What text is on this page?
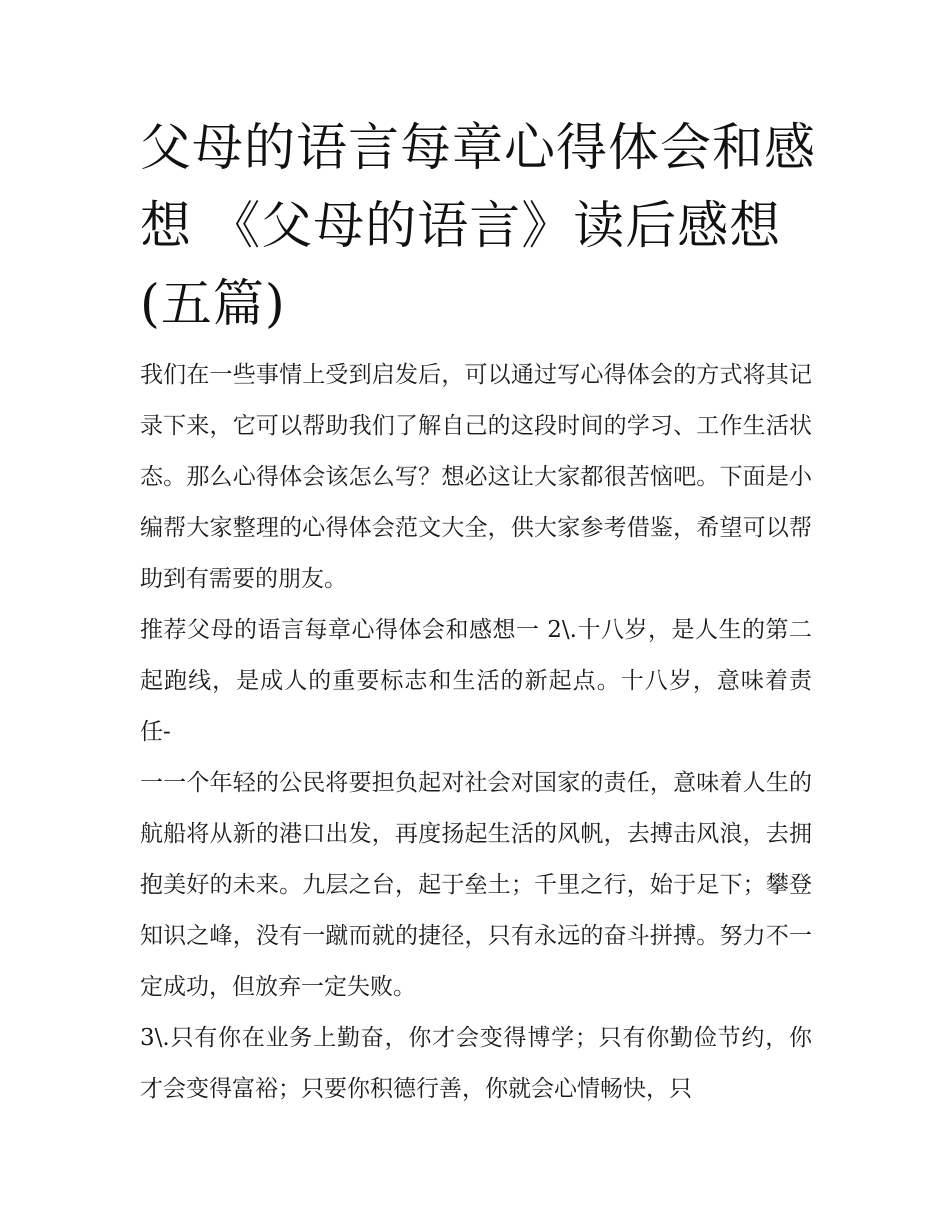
父母的语言每章心得体会和感
想 《父母的语言》读后感想
(五篇)

我们在一些事情上受到启发后，可以通过写心得体会的方式将其记录下来，它可以帮助我们了解自己的这段时间的学习、工作生活状态。那么心得体会该怎么写？想必这让大家都很苦恼吧。下面是小编帮大家整理的心得体会范文大全，供大家参考借鉴，希望可以帮助到有需要的朋友。

推荐父母的语言每章心得体会和感想一 2\.十八岁，是人生的第二起跑线，是成人的重要标志和生活的新起点。十八岁，意味着责任-

一一个年轻的公民将要担负起对社会对国家的责任，意味着人生的航船将从新的港口出发，再度扬起生活的风帆，去搏击风浪，去拥抱美好的未来。九层之台，起于垒土；千里之行，始于足下；攀登知识之峰，没有一蹴而就的捷径，只有永远的奋斗拼搏。努力不一定成功，但放弃一定失败。

3\.只有你在业务上勤奋，你才会变得博学；只有你勤俭节约，你才会变得富裕；只要你积德行善，你就会心情畅快，只
